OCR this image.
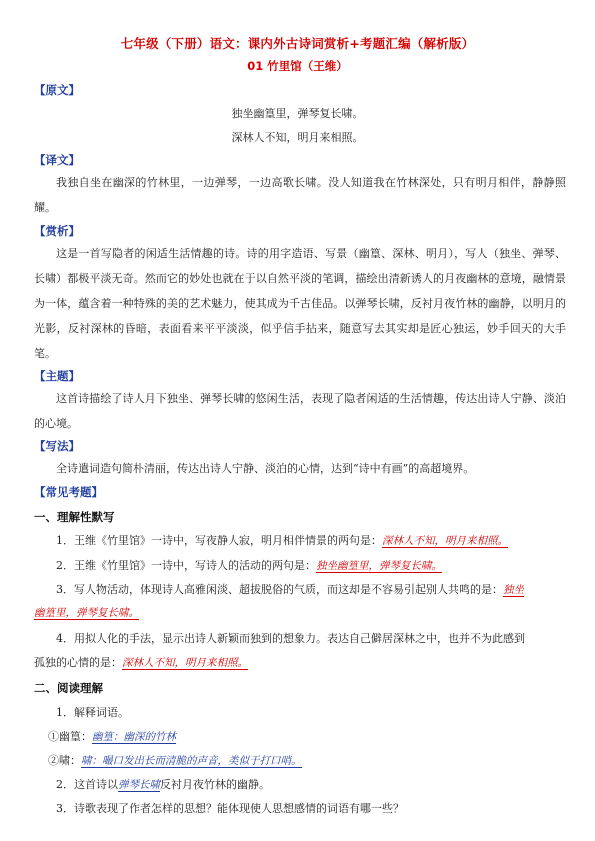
七年级（下册）语文：课内外古诗词赏析+考题汇编（解析版）
01 竹里馆（王维）
【原文】
独坐幽篁里，弹琴复长啸。
深林人不知，明月来相照。
【译文】

我独自坐在幽深的竹林里，一边弹琴，一边高歌长啸。没人知道我在竹林深处，只有明月相伴，静静照耀。

【赏析】

这是一首写隐者的闲适生活情趣的诗。诗的用字造语、写景（幽篁、深林、明月），写人（独坐、弹琴、长啸）都极平淡无奇。然而它的妙处也就在于以自然平淡的笔调，描绘出清新诱人的月夜幽林的意境，融情景为一体，蕴含着一种特殊的美的艺术魅力，使其成为千古佳品。以弹琴长啸，反衬月夜竹林的幽静，以明月的光影，反衬深林的昏暗，表面看来平平淡淡，似乎信手拈来，随意写去其实却是匠心独运，妙手回天的大手笔。

【主题】

这首诗描绘了诗人月下独坐、弹琴长啸的悠闲生活，表现了隐者闲适的生活情趣，传达出诗人宁静、淡泊的心境。

【写法】

全诗遣词造句简朴清丽，传达出诗人宁静、淡泊的心情，达到“诗中有画”的高超境界。

【常见考题】
一、理解性默写
1．王维《竹里馆》一诗中，写夜静人寂，明月相伴情景的两句是：深林人不知，明月来相照。
2．王维《竹里馆》一诗中，写诗人的活动的两句是：独坐幽篁里，弹琴复长啸。
3．写人物活动，体现诗人高雅闲淡、超拔脱俗的气质，而这却是不容易引起别人共鸣的是：独坐
幽篁里，弹琴复长啸。
4．用拟人化的手法，显示出诗人新颖而独到的想象力。表达自己僻居深林之中，也并不为此感到
孤独的心情的是：深林人不知，明月来相照。
二、阅读理解
1．解释词语。
①幽篁：幽篁：幽深的竹林
②啸：啸：嘬口发出长而清脆的声音，类似于打口哨。
2．这首诗以弹琴长啸反衬月夜竹林的幽静。
3．诗歌表现了作者怎样的思想？能体现使人思想感情的词语有哪一些？
